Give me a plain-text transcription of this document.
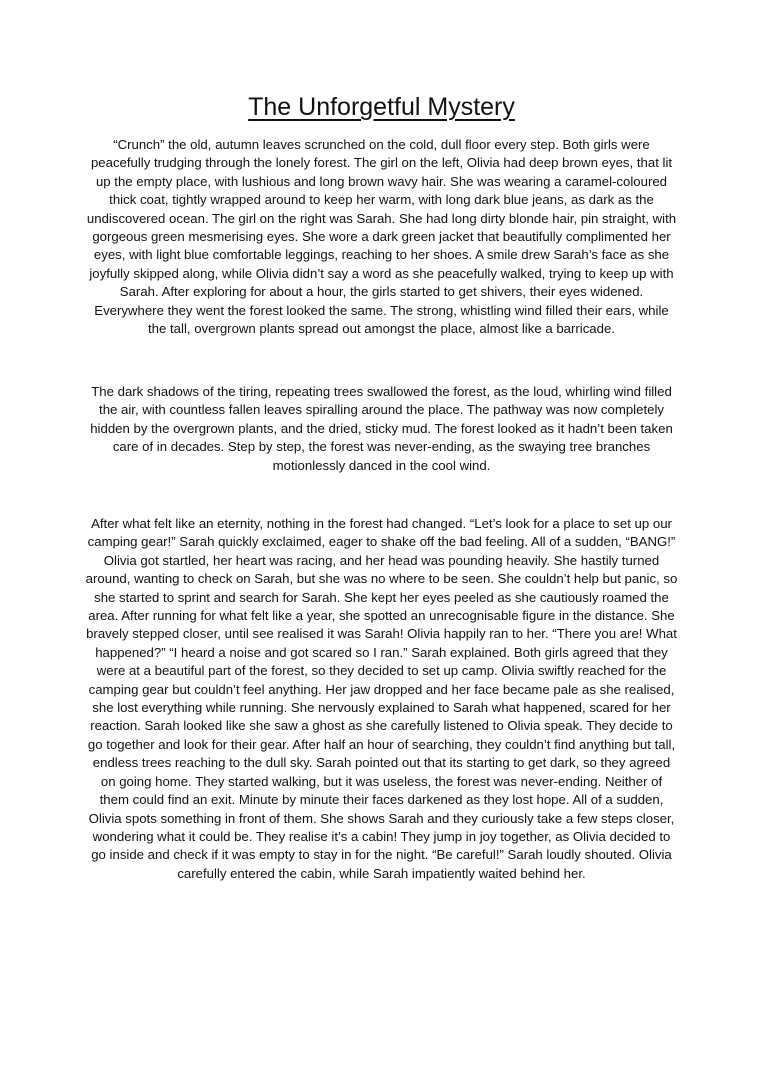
The Unforgetful Mystery
“Crunch” the old, autumn leaves scrunched on the cold, dull floor every step. Both girls were peacefully trudging through the lonely forest. The girl on the left, Olivia had deep brown eyes, that lit up the empty place, with lushious and long brown wavy hair. She was wearing a caramel-coloured thick coat, tightly wrapped around to keep her warm, with long dark blue jeans, as dark as the undiscovered ocean. The girl on the right was Sarah. She had long dirty blonde hair, pin straight, with gorgeous green mesmerising eyes. She wore a dark green jacket that beautifully complimented her eyes, with light blue comfortable leggings, reaching to her shoes. A smile drew Sarah’s face as she joyfully skipped along, while Olivia didn’t say a word as she peacefully walked, trying to keep up with Sarah. After exploring for about a hour, the girls started to get shivers, their eyes widened. Everywhere they went the forest looked the same. The strong, whistling wind filled their ears, while the tall, overgrown plants spread out amongst the place, almost like a barricade.
The dark shadows of the tiring, repeating trees swallowed the forest, as the loud, whirling wind filled the air, with countless fallen leaves spiralling around the place. The pathway was now completely hidden by the overgrown plants, and the dried, sticky mud. The forest looked as it hadn’t been taken care of in decades. Step by step, the forest was never-ending, as the swaying tree branches motionlessly danced in the cool wind.
After what felt like an eternity, nothing in the forest had changed. “Let’s look for a place to set up our camping gear!” Sarah quickly exclaimed, eager to shake off the bad feeling. All of a sudden, “BANG!” Olivia got startled, her heart was racing, and her head was pounding heavily. She hastily turned around, wanting to check on Sarah, but she was no where to be seen. She couldn’t help but panic, so she started to sprint and search for Sarah. She kept her eyes peeled as she cautiously roamed the area. After running for what felt like a year, she spotted an unrecognisable figure in the distance. She bravely stepped closer, until see realised it was Sarah! Olivia happily ran to her. “There you are! What happened?” “I heard a noise and got scared so I ran.” Sarah explained. Both girls agreed that they were at a beautiful part of the forest, so they decided to set up camp. Olivia swiftly reached for the camping gear but couldn’t feel anything. Her jaw dropped and her face became pale as she realised, she lost everything while running. She nervously explained to Sarah what happened, scared for her reaction. Sarah looked like she saw a ghost as she carefully listened to Olivia speak. They decide to go together and look for their gear. After half an hour of searching, they couldn’t find anything but tall, endless trees reaching to the dull sky. Sarah pointed out that its starting to get dark, so they agreed on going home. They started walking, but it was useless, the forest was never-ending. Neither of them could find an exit. Minute by minute their faces darkened as they lost hope. All of a sudden, Olivia spots something in front of them. She shows Sarah and they curiously take a few steps closer, wondering what it could be. They realise it’s a cabin! They jump in joy together, as Olivia decided to go inside and check if it was empty to stay in for the night. “Be careful!” Sarah loudly shouted. Olivia carefully entered the cabin, while Sarah impatiently waited behind her.
